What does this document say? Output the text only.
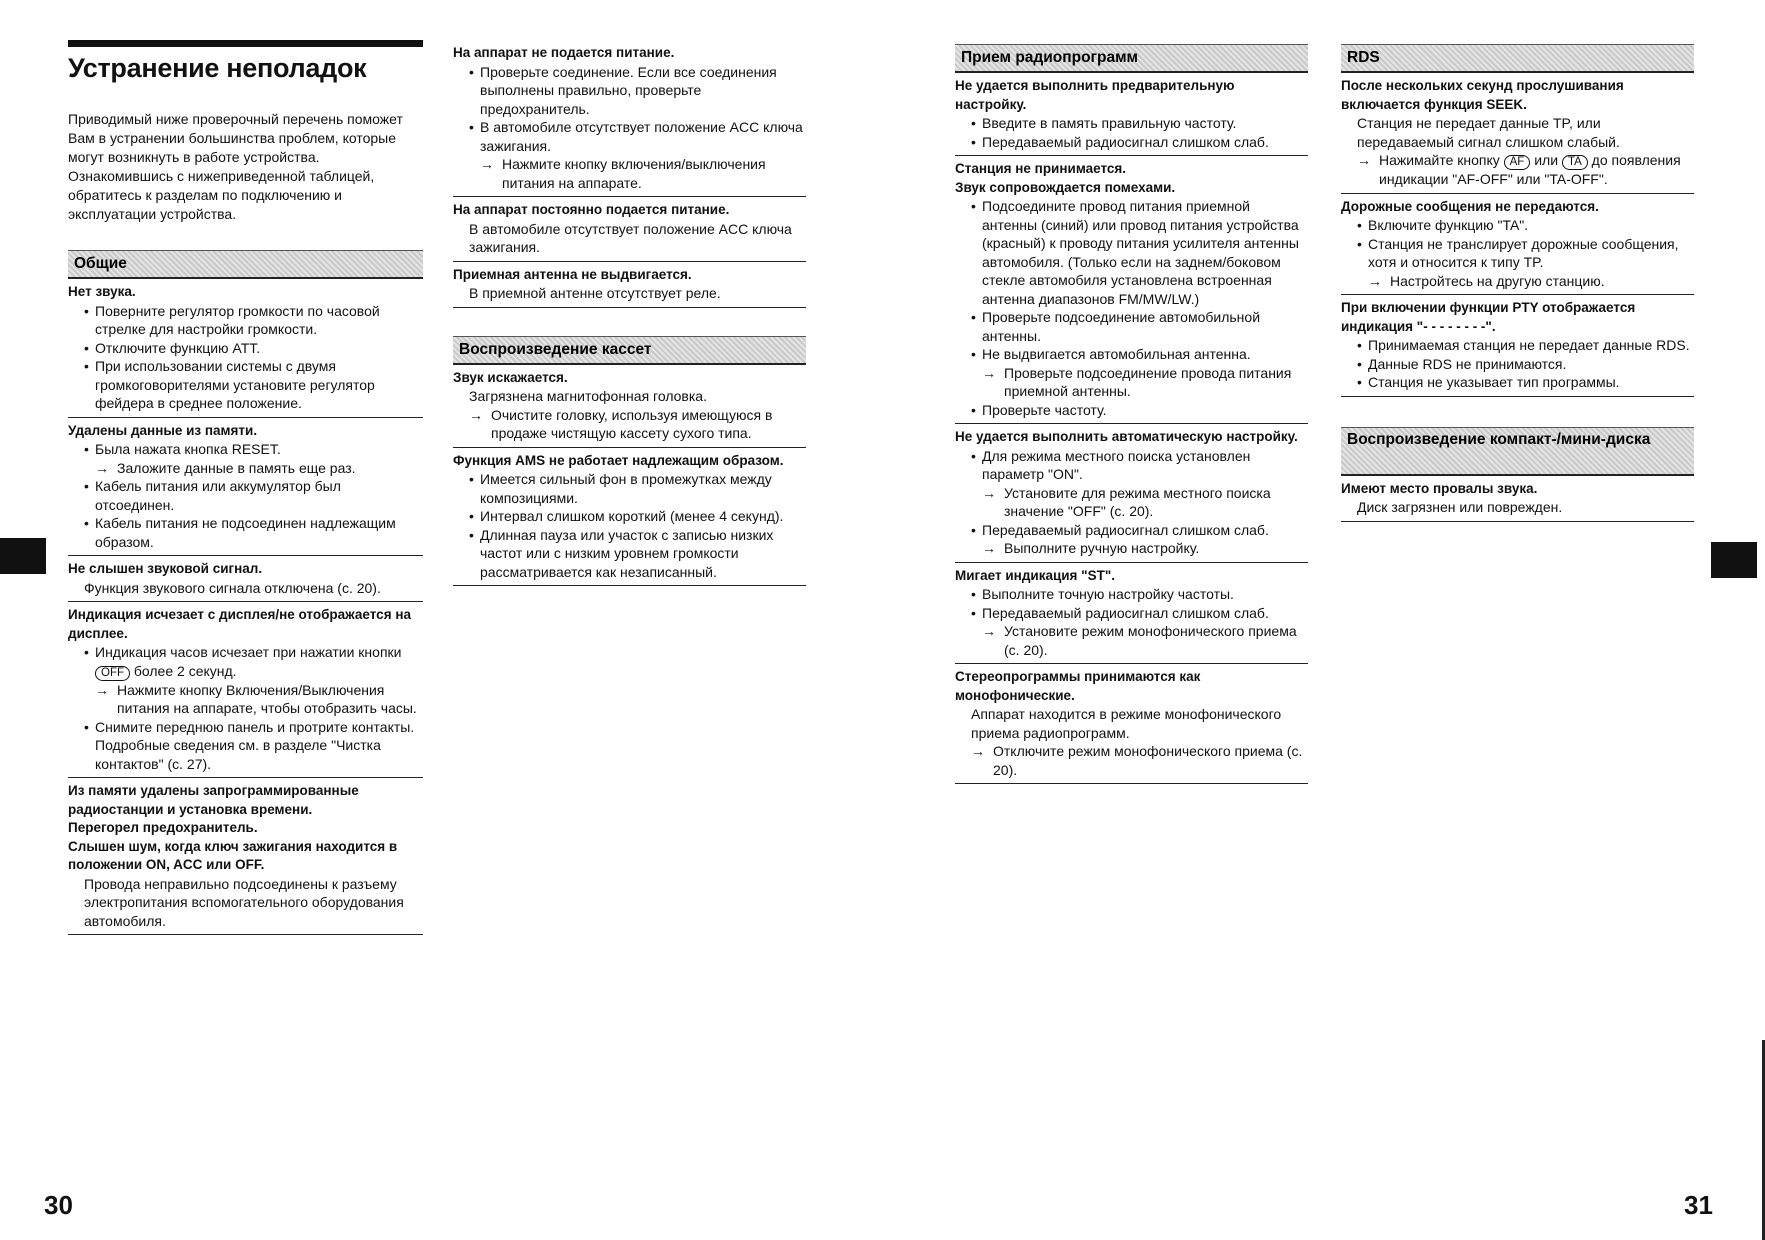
Устранение неполадок

Приводимый ниже проверочный перечень поможет Вам в устранении большинства проблем, которые могут возникнуть в работе устройства. Ознакомившись с нижеприведенной таблицей, обратитесь к разделам по подключению и эксплуатации устройства.

Общие
Нет звука.
• Поверните регулятор громкости по часовой стрелке для настройки громкости.
• Отключите функцию ATT.
• При использовании системы с двумя громкоговорителями установите регулятор фейдера в среднее положение.
Удалены данные из памяти.
• Была нажата кнопка RESET.
→ Заложите данные в память еще раз.
• Кабель питания или аккумулятор был отсоединен.
• Кабель питания не подсоединен надлежащим образом.
Не слышен звуковой сигнал.
Функция звукового сигнала отключена (с. 20).
Индикация исчезает с дисплея/не отображается на дисплее.
• Индикация часов исчезает при нажатии кнопки OFF более 2 секунд.
→ Нажмите кнопку Включения/Выключения питания на аппарате, чтобы отобразить часы.
• Снимите переднюю панель и протрите контакты. Подробные сведения см. в разделе "Чистка контактов" (с. 27).
Из памяти удалены запрограммированные радиостанции и установка времени.
Перегорел предохранитель.
Слышен шум, когда ключ зажигания находится в положении ON, ACC или OFF.
Провода неправильно подсоединены к разъему электропитания вспомогательного оборудования автомобиля.
На аппарат не подается питание.
• Проверьте соединение. Если все соединения выполнены правильно, проверьте предохранитель.
• В автомобиле отсутствует положение ACC ключа зажигания.
→ Нажмите кнопку включения/выключения питания на аппарате.
На аппарат постоянно подается питание.
В автомобиле отсутствует положение ACC ключа зажигания.
Приемная антенна не выдвигается.
В приемной антенне отсутствует реле.
Воспроизведение кассет
Звук искажается.
Загрязнена магнитофонная головка.
→ Очистите головку, используя имеющуюся в продаже чистящую кассету сухого типа.
Функция AMS не работает надлежащим образом.
• Имеется сильный фон в промежутках между композициями.
• Интервал слишком короткий (менее 4 секунд).
• Длинная пауза или участок с записью низких частот или с низким уровнем громкости рассматривается как незаписанный.
Прием радиопрограмм
Не удается выполнить предварительную настройку.
• Введите в память правильную частоту.
• Передаваемый радиосигнал слишком слаб.
Станция не принимается.
Звук сопровождается помехами.
• Подсоедините провод питания приемной антенны (синий) или провод питания устройства (красный) к проводу питания усилителя антенны автомобиля. (Только если на заднем/боковом стекле автомобиля установлена встроенная антенна диапазонов FM/MW/LW.)
• Проверьте подсоединение автомобильной антенны.
• Не выдвигается автомобильная антенна.
→ Проверьте подсоединение провода питания приемной антенны.
• Проверьте частоту.
Не удается выполнить автоматическую настройку.
• Для режима местного поиска установлен параметр "ON".
→ Установите для режима местного поиска значение "OFF" (с. 20).
• Передаваемый радиосигнал слишком слаб.
→ Выполните ручную настройку.
Мигает индикация "ST".
• Выполните точную настройку частоты.
• Передаваемый радиосигнал слишком слаб.
→ Установите режим монофонического приема (с. 20).
Стереопрограммы принимаются как монофонические.
Аппарат находится в режиме монофонического приема радиопрограмм.
→ Отключите режим монофонического приема (с. 20).
RDS
После нескольких секунд прослушивания включается функция SEEK.
Станция не передает данные TP, или передаваемый сигнал слишком слабый.
→ Нажимайте кнопку AF или TA до появления индикации "AF-OFF" или "TA-OFF".
Дорожные сообщения не передаются.
• Включите функцию "TA".
• Станция не транслирует дорожные сообщения, хотя и относится к типу TP.
→ Настройтесь на другую станцию.
При включении функции PTY отображается индикация "- - - - - - - -".
• Принимаемая станция не передает данные RDS.
• Данные RDS не принимаются.
• Станция не указывает тип программы.
Воспроизведение компакт-/мини-диска
Имеют место провалы звука.
Диск загрязнен или поврежден.
30	31
